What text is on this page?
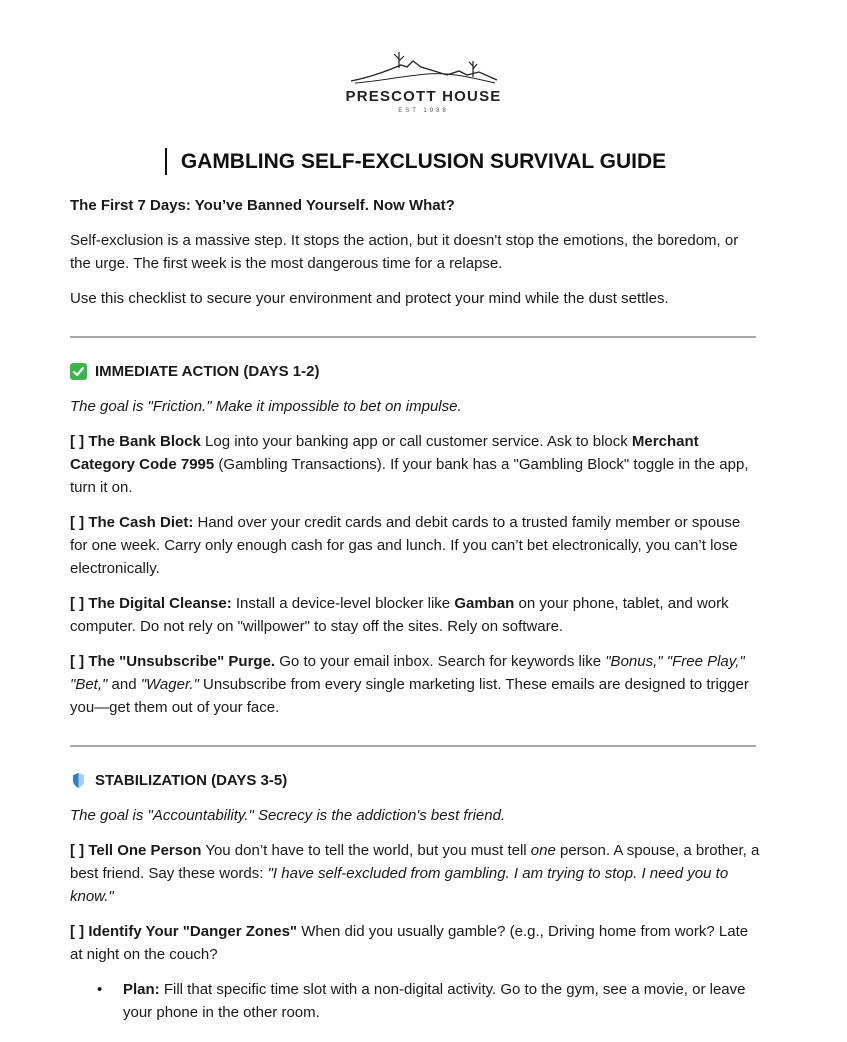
PRESCOTT HOUSE
EST 1988
GAMBLING SELF-EXCLUSION SURVIVAL GUIDE

The First 7 Days: You’ve Banned Yourself. Now What?

Self-exclusion is a massive step. It stops the action, but it doesn't stop the emotions, the boredom, or the urge. The first week is the most dangerous time for a relapse.

Use this checklist to secure your environment and protect your mind while the dust settles.

IMMEDIATE ACTION (DAYS 1-2)

The goal is "Friction." Make it impossible to bet on impulse.

[ ] The Bank Block Log into your banking app or call customer service. Ask to block Merchant Category Code 7995 (Gambling Transactions). If your bank has a "Gambling Block" toggle in the app, turn it on.

[ ] The Cash Diet: Hand over your credit cards and debit cards to a trusted family member or spouse for one week. Carry only enough cash for gas and lunch. If you can’t bet electronically, you can’t lose electronically.

[ ] The Digital Cleanse: Install a device-level blocker like Gamban on your phone, tablet, and work computer. Do not rely on "willpower" to stay off the sites. Rely on software.

[ ] The "Unsubscribe" Purge. Go to your email inbox. Search for keywords like "Bonus," "Free Play," "Bet," and "Wager." Unsubscribe from every single marketing list. These emails are designed to trigger you—get them out of your face.

STABILIZATION (DAYS 3-5)

The goal is "Accountability." Secrecy is the addiction's best friend.

[ ] Tell One Person You don’t have to tell the world, but you must tell one person. A spouse, a brother, a best friend. Say these words: "I have self-excluded from gambling. I am trying to stop. I need you to know."

[ ] Identify Your "Danger Zones" When did you usually gamble? (e.g., Driving home from work? Late at night on the couch?

• Plan: Fill that specific time slot with a non-digital activity. Go to the gym, see a movie, or leave your phone in the other room.
